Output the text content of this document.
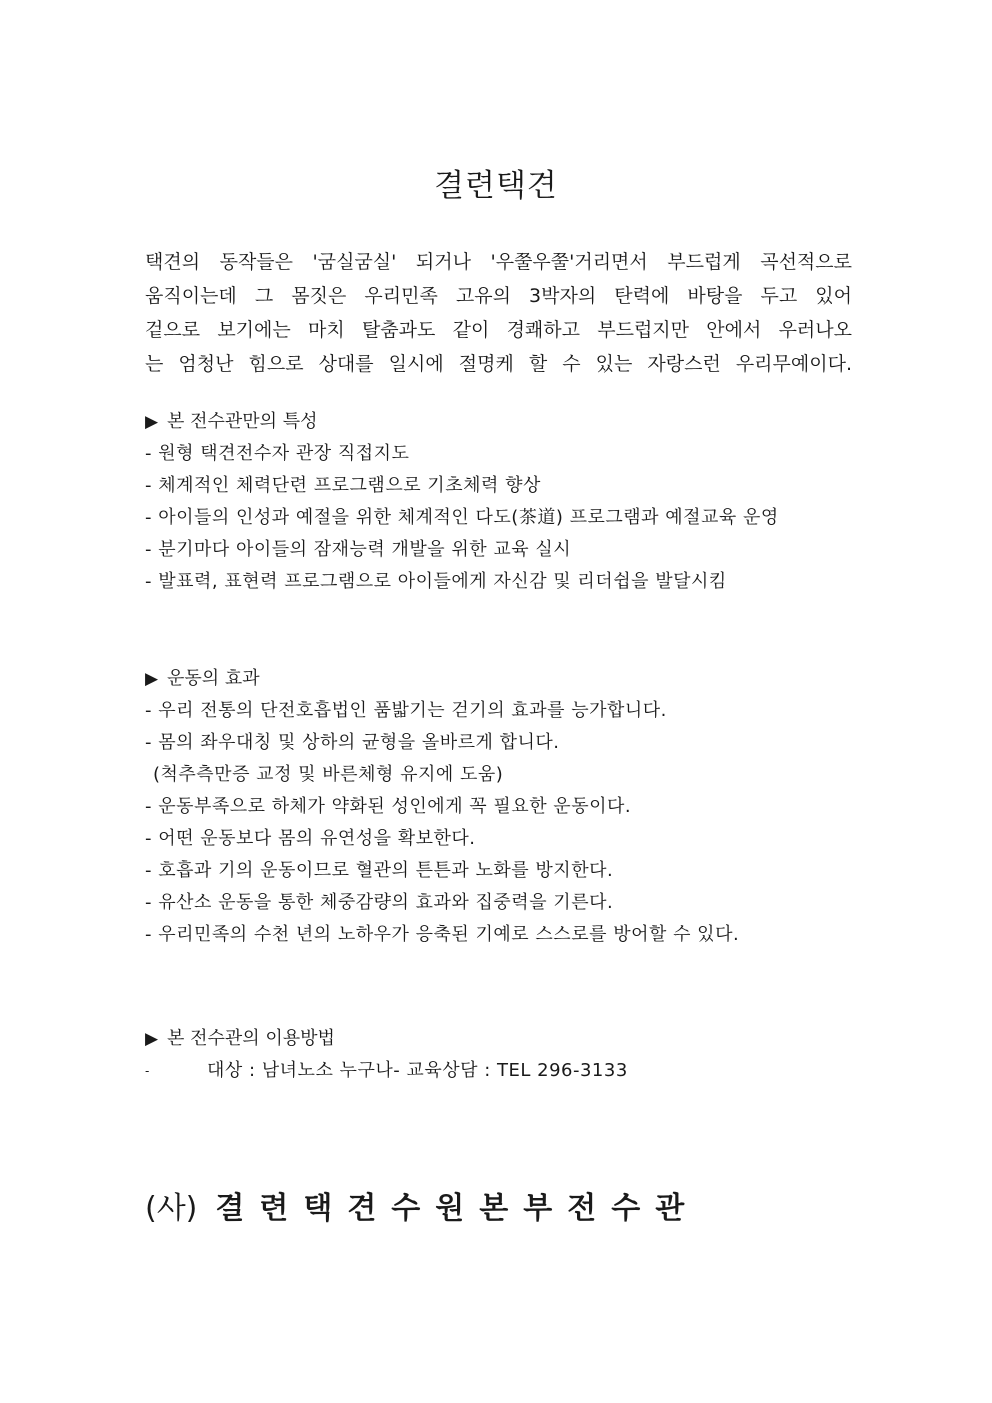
결련택견
택견의 동작들은 '굼실굼실' 되거나 '우쭐우쭐'거리면서 부드럽게 곡선적으로
움직이는데 그 몸짓은 우리민족 고유의 3박자의 탄력에 바탕을 두고 있어
겉으로 보기에는 마치 탈춤과도 같이 경쾌하고 부드럽지만 안에서 우러나오
는 엄청난 힘으로 상대를 일시에 절명케 할 수 있는 자랑스런 우리무예이다.
▶ 본 전수관만의 특성
- 원형 택견전수자 관장 직접지도
- 체계적인 체력단련 프로그램으로 기초체력 향상
- 아이들의 인성과 예절을 위한 체계적인 다도(茶道) 프로그램과 예절교육 운영
- 분기마다 아이들의 잠재능력 개발을 위한 교육 실시
- 발표력, 표현력 프로그램으로 아이들에게 자신감 및 리더쉽을 발달시킴
▶ 운동의 효과
- 우리 전통의 단전호흡법인 품밟기는 걷기의 효과를 능가합니다.
- 몸의 좌우대칭 및 상하의 균형을 올바르게 합니다.
(척추측만증 교정 및 바른체형 유지에 도움)
- 운동부족으로 하체가 약화된 성인에게 꼭 필요한 운동이다.
- 어떤 운동보다 몸의 유연성을 확보한다.
- 호흡과 기의 운동이므로 혈관의 튼튼과 노화를 방지한다.
- 유산소 운동을 통한 체중감량의 효과와 집중력을 기른다.
- 우리민족의 수천 년의 노하우가 응축된 기예로 스스로를 방어할 수 있다.
▶ 본 전수관의 이용방법
-	대상 : 남녀노소 누구나- 교육상담 : TEL 296-3133
(사) 결련택견수원본부전수관
